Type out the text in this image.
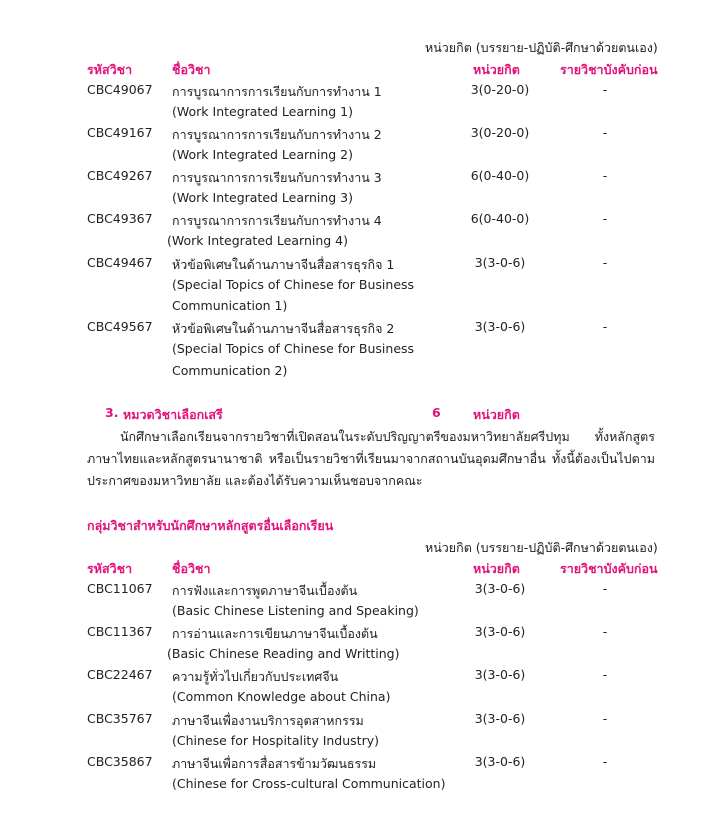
หน่วยกิต (บรรยาย-ปฏิบัติ-ศึกษาด้วยตนเอง)
รหัสวิชา	ชื่อวิชา	หน่วยกิต	รายวิชาบังคับก่อน
CBC49067 การบูรณาการการเรียนกับการทำงาน 1	3(0-20-0)	-
(Work Integrated Learning 1)
CBC49167 การบูรณาการการเรียนกับการทำงาน 2	3(0-20-0)	-
(Work Integrated Learning 2)
CBC49267 การบูรณาการการเรียนกับการทำงาน 3	6(0-40-0)	-
(Work Integrated Learning 3)
CBC49367 การบูรณาการการเรียนกับการทำงาน 4	6(0-40-0)	-
(Work Integrated Learning 4)
CBC49467 หัวข้อพิเศษในด้านภาษาจีนสื่อสารธุรกิจ 1	3(3-0-6)	-
(Special Topics of Chinese for Business
Communication 1)
CBC49567 หัวข้อพิเศษในด้านภาษาจีนสื่อสารธุรกิจ 2	3(3-0-6)	-
(Special Topics of Chinese for Business
Communication 2)
3. หมวดวิชาเลือกเสรี	6	หน่วยกิต
นักศึกษาเลือกเรียนจากรายวิชาที่เปิดสอนในระดับปริญญาตรีของมหาวิทยาลัยศรีปทุม ทั้งหลักสูตรภาษาไทยและหลักสูตรนานาชาติ หรือเป็นรายวิชาที่เรียนมาจากสถานบันอุดมศึกษาอื่น ทั้งนี้ต้องเป็นไปตามประกาศของมหาวิทยาลัย และต้องได้รับความเห็นชอบจากคณะ
กลุ่มวิชาสำหรับนักศึกษาหลักสูตรอื่นเลือกเรียน
หน่วยกิต (บรรยาย-ปฏิบัติ-ศึกษาด้วยตนเอง)
รหัสวิชา	ชื่อวิชา	หน่วยกิต	รายวิชาบังคับก่อน
CBC11067 การฟังและการพูดภาษาจีนเบื้องต้น	3(3-0-6)	-
(Basic Chinese Listening and Speaking)
CBC11367 การอ่านและการเขียนภาษาจีนเบื้องต้น	3(3-0-6)	-
(Basic Chinese Reading and Writting)
CBC22467 ความรู้ทั่วไปเกี่ยวกับประเทศจีน	3(3-0-6)	-
(Common Knowledge about China)
CBC35767 ภาษาจีนเพื่องานบริการอุตสาหกรรม	3(3-0-6)	-
(Chinese for Hospitality Industry)
CBC35867 ภาษาจีนเพื่อการสื่อสารข้ามวัฒนธรรม	3(3-0-6)	-
(Chinese for Cross-cultural Communication)
